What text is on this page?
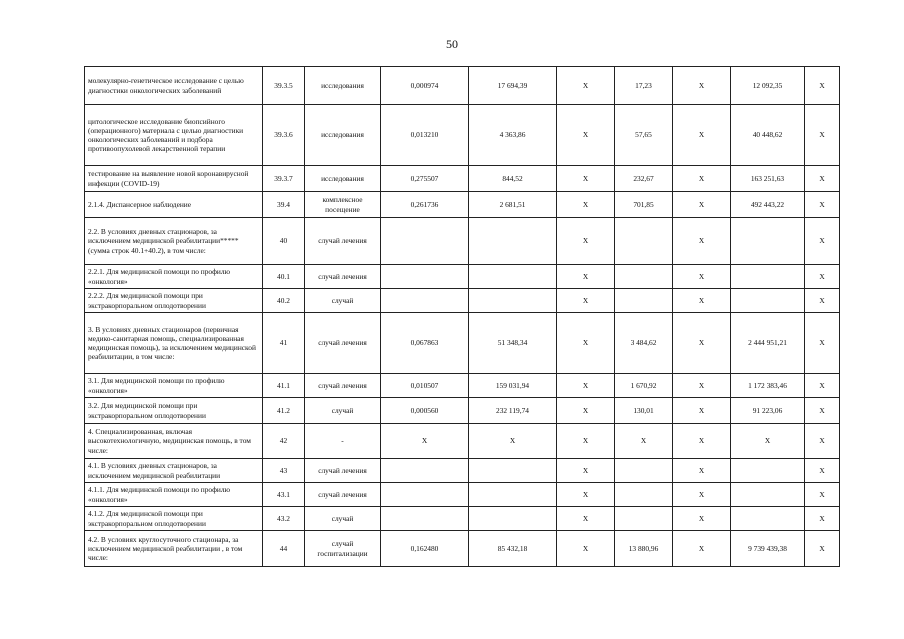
50
молекулярно-генетическое исследование с целью диагностики онкологических заболеваний	39.3.5	исследования	0,000974	17 694,39	X	17,23	X	12 092,35	X
цитологическое исследование биопсийного (операционного) материала с целью диагностики онкологических заболеваний и подбора противоопухолевой лекарственной терапии	39.3.6	исследования	0,013210	4 363,86	X	57,65	X	40 448,62	X
тестирование на выявление новой коронавирусной инфекции (COVID-19)	39.3.7	исследования	0,275507	844,52	X	232,67	X	163 251,63	X
2.1.4. Диспансерное наблюдение	39.4	комплексное посещение	0,261736	2 681,51	X	701,85	X	492 443,22	X
2.2. В условиях дневных стационаров, за исключением медицинской реабилитации***** (сумма строк 40.1+40.2), в том числе:	40	случай лечения			X		X		X
2.2.1. Для медицинской помощи по профилю «онкология»	40.1	случай лечения			X		X		X
2.2.2. Для медицинской помощи при экстракорпоральном оплодотворении	40.2	случай			X		X		X
3. В условиях дневных стационаров (первичная медико-санитарная помощь, специализированная медицинская помощь), за исключением медицинской реабилитации, в том числе:	41	случай лечения	0,067863	51 348,34	X	3 484,62	X	2 444 951,21	X
3.1. Для медицинской помощи по профилю «онкология»	41.1	случай лечения	0,010507	159 031,94	X	1 670,92	X	1 172 383,46	X
3.2. Для медицинской помощи при экстракорпоральном оплодотворении	41.2	случай	0,000560	232 119,74	X	130,01	X	91 223,06	X
4. Специализированная, включая высокотехнологичную, медицинская помощь, в том числе:	42	-	X	X	X	X	X	X	X
4.1. В условиях дневных стационаров, за исключением медицинской реабилитации	43	случай лечения			X		X		X
4.1.1. Для медицинской помощи по профилю «онкология»	43.1	случай лечения			X		X		X
4.1.2. Для медицинской помощи при экстракорпоральном оплодотворении	43.2	случай			X		X		X
4.2. В условиях круглосуточного стационара, за исключением медицинской реабилитации , в том числе:	44	случай госпитализации	0,162480	85 432,18	X	13 880,96	X	9 739 439,38	X
